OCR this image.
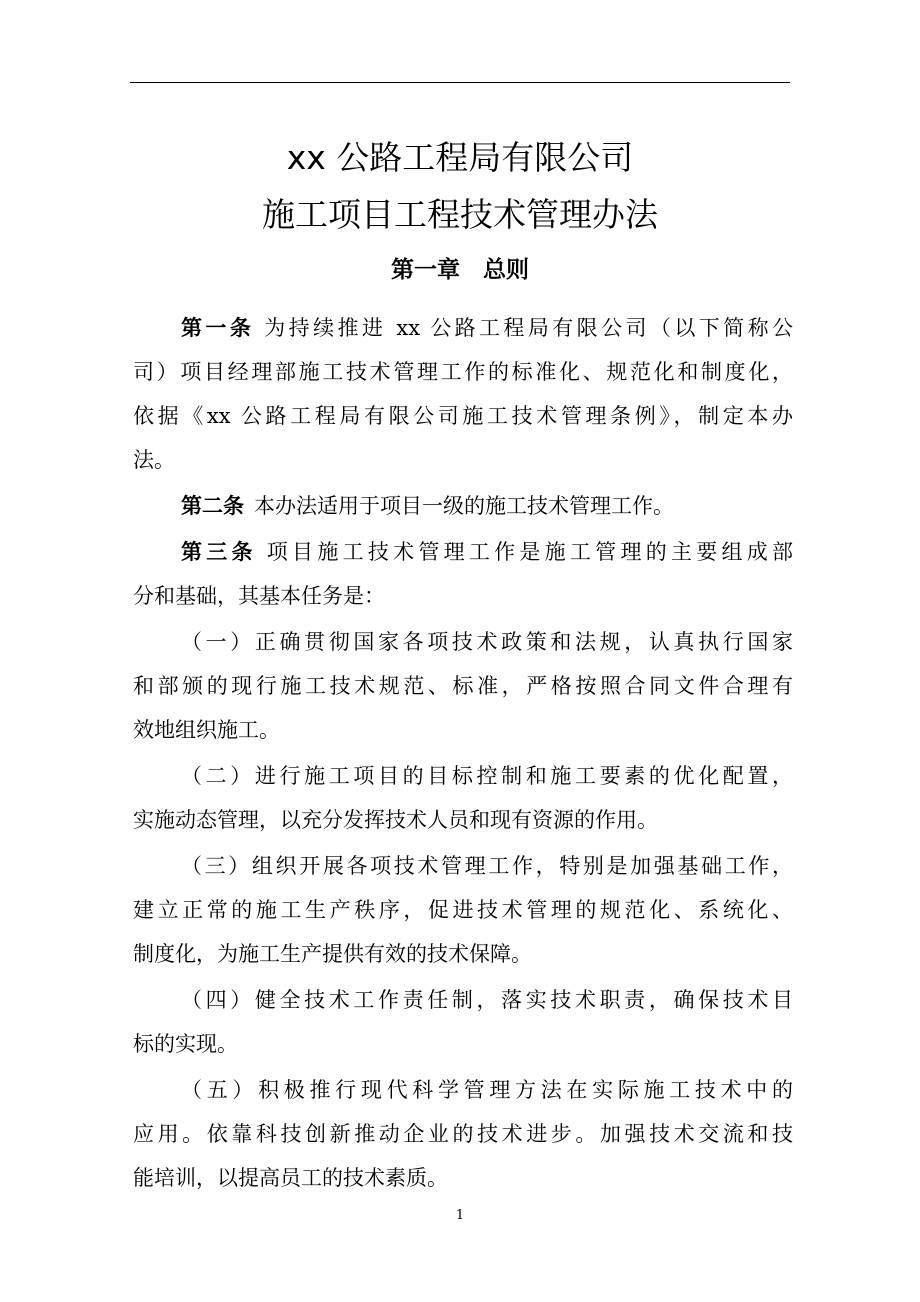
xx 公路工程局有限公司
施工项目工程技术管理办法
第一章　总则
第一条 为持续推进 xx 公路工程局有限公司（以下简称公
司）项目经理部施工技术管理工作的标准化、规范化和制度化，
依据《xx 公路工程局有限公司施工技术管理条例》，制定本办
法。
第二条 本办法适用于项目一级的施工技术管理工作。
第三条 项目施工技术管理工作是施工管理的主要组成部
分和基础，其基本任务是：
（一）正确贯彻国家各项技术政策和法规，认真执行国家
和部颁的现行施工技术规范、标准，严格按照合同文件合理有
效地组织施工。
（二）进行施工项目的目标控制和施工要素的优化配置，
实施动态管理，以充分发挥技术人员和现有资源的作用。
（三）组织开展各项技术管理工作，特别是加强基础工作，
建立正常的施工生产秩序，促进技术管理的规范化、系统化、
制度化，为施工生产提供有效的技术保障。
（四）健全技术工作责任制，落实技术职责，确保技术目
标的实现。
（五）积极推行现代科学管理方法在实际施工技术中的
应用。依靠科技创新推动企业的技术进步。加强技术交流和技
能培训，以提高员工的技术素质。
1
